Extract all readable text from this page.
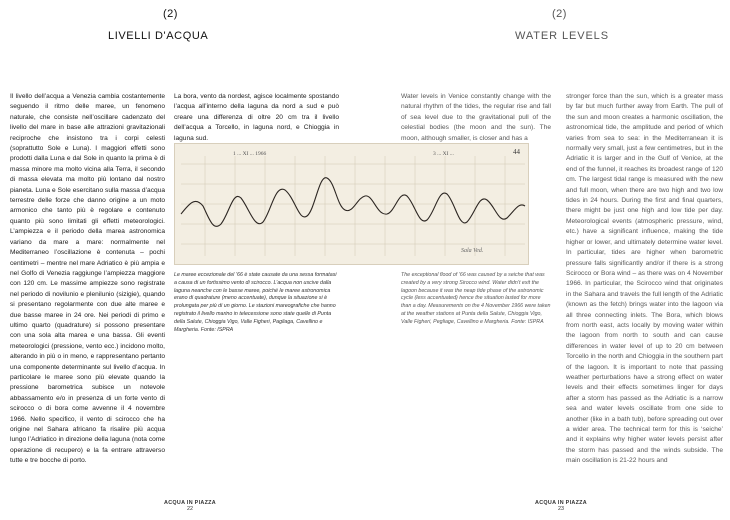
(2)
LIVELLI D'ACQUA

Il livello dell’acqua a Venezia cambia costantemente seguendo il ritmo delle maree, un fenomeno naturale, che consiste nell’oscillare cadenzato del livello del mare in base alle attrazioni gravitazionali reciproche che insistono tra i corpi celesti (soprattutto Sole e Luna). I maggiori effetti sono prodotti dalla Luna e dal Sole in quanto la prima è di massa minore ma molto vicina alla Terra, il secondo di massa elevata ma molto più lontano dal nostro pianeta. Luna e Sole esercitano sulla massa d’acqua terrestre delle forze che danno origine a un moto armonico che tanto più è regolare e contenuto quanto più sono limitati gli effetti meteorologici. L’ampiezza e il periodo della marea astronomica variano da mare a mare: normalmente nel Mediterraneo l’oscillazione è contenuta – pochi centimetri – mentre nel mare Adriatico è più ampia e nel Golfo di Venezia raggiunge l’ampiezza maggiore con 120 cm. Le massime ampiezze sono registrate nel periodo di novilunio e plenilunio (sizigie), quando si presentano regolarmente con due alte maree e due basse maree in 24 ore. Nei periodi di primo e ultimo quarto (quadrature) si possono presentare con una sola alta marea e una bassa. Gli eventi meteorologici (pressione, vento ecc.) incidono molto, alterando in più o in meno, e rappresentano pertanto una componente determinante sul livello d’acqua. In particolare le maree sono più elevate quando la pressione barometrica subisce un notevole abbassamento e/o in presenza di un forte vento di scirocco o di bora come avvenne il 4 novembre 1966. Nello specifico, il vento di scirocco che ha origine nel Sahara africano fa risalire più acqua lungo l’Adriatico in direzione della laguna (nota come operazione di recupero) e la fa entrare attraverso tutte e tre bocche di porto.

La bora, vento da nordest, agisce localmente spostando l’acqua all’interno della laguna da nord a sud e può creare una differenza di oltre 20 cm tra il livello dell’acqua a Torcello, in laguna nord, e Chioggia in laguna sud.

Le maree eccezionale del ’66 è state causate da una sessa formatasi a causa di un fortissimo vento di scirocco. L’acqua non uscive dalla laguna neanche con le basse maree, poiché le maree astronomica erano di quadrature (meno accentuate), dunque la situazione si è prolungata per più di un giorno. Le stazioni mareografiche che hanno registrato il livello marino in telecessione sono state quelle di Punta della Salute, Chioggia Vigo, Valle Figheri, Pagliaga, Cavellino e Margheria. Fonte: ISPRA
ACQUA IN PIAZZA
22
(2)
WATER LEVELS
ACQUA IN PIAZZA
23

Water levels in Venice constantly change with the natural rhythm of the tides, the regular rise and fall of sea level due to the gravitational pull of the celestial bodies (the moon and the sun). The moon, although smaller, is closer and has a

stronger force than the sun, which is a greater mass by far but much further away from Earth. The pull of the sun and moon creates a harmonic oscillation, the astronomical tide, the amplitude and period of which varies from sea to sea: in the Mediterranean it is normally very small, just a few centimetres, but in the Adriatic it is larger and in the Gulf of Venice, at the end of the funnel, it reaches its broadest range of 120 cm. The largest tidal range is measured with the new and full moon, when there are two high and two low tides in 24 hours. During the first and final quarters, there might be just one high and low tide per day. Meteorological events (atmospheric pressure, wind, etc.) have a significant influence, making the tide higher or lower, and ultimately determine water level. In particular, tides are higher when barometric pressure falls significantly and/or if there is a strong Scirocco or Bora wind – as there was on 4 November 1966. In particular, the Scirocco wind that originates in the Sahara and travels the full length of the Adriatic (known as the fetch) brings water into the lagoon via all three connecting inlets. The Bora, which blows from north east, acts locally by moving water within the lagoon from north to south and can cause differences in water level of up to 20 cm between Torcello in the north and Chioggia in the southern part of the lagoon. It is important to note that passing weather perturbations have a strong effect on water levels and their effects sometimes linger for days after a storm has passed as the Adriatic is a narrow sea and water levels oscillate from one side to another (like in a bath tub), before spreading out over a wider area. The technical term for this is ‘seiche’ and it explains why higher water levels persist after the storm has passed and the winds subside. The main oscillation is 21-22 hours and

The exceptional flood of ’66 was caused by a seiche that was created by a very strong Sirocco wind. Water didn’t exit the lagoon because it was the neap tide phase of the astronomic cycle (less accentuated) hence the situation lasted for more than a day. Measurements on the 4 November 1966 were taken at the weather stations at Punta della Salute, Chioggia Vigo, Valle Figheri, Pegliage, Cavellino e Margheria. Fonte: ISPRA
1 ... XI ... 1966	3 ... XI ...	44
Sala Ved.
